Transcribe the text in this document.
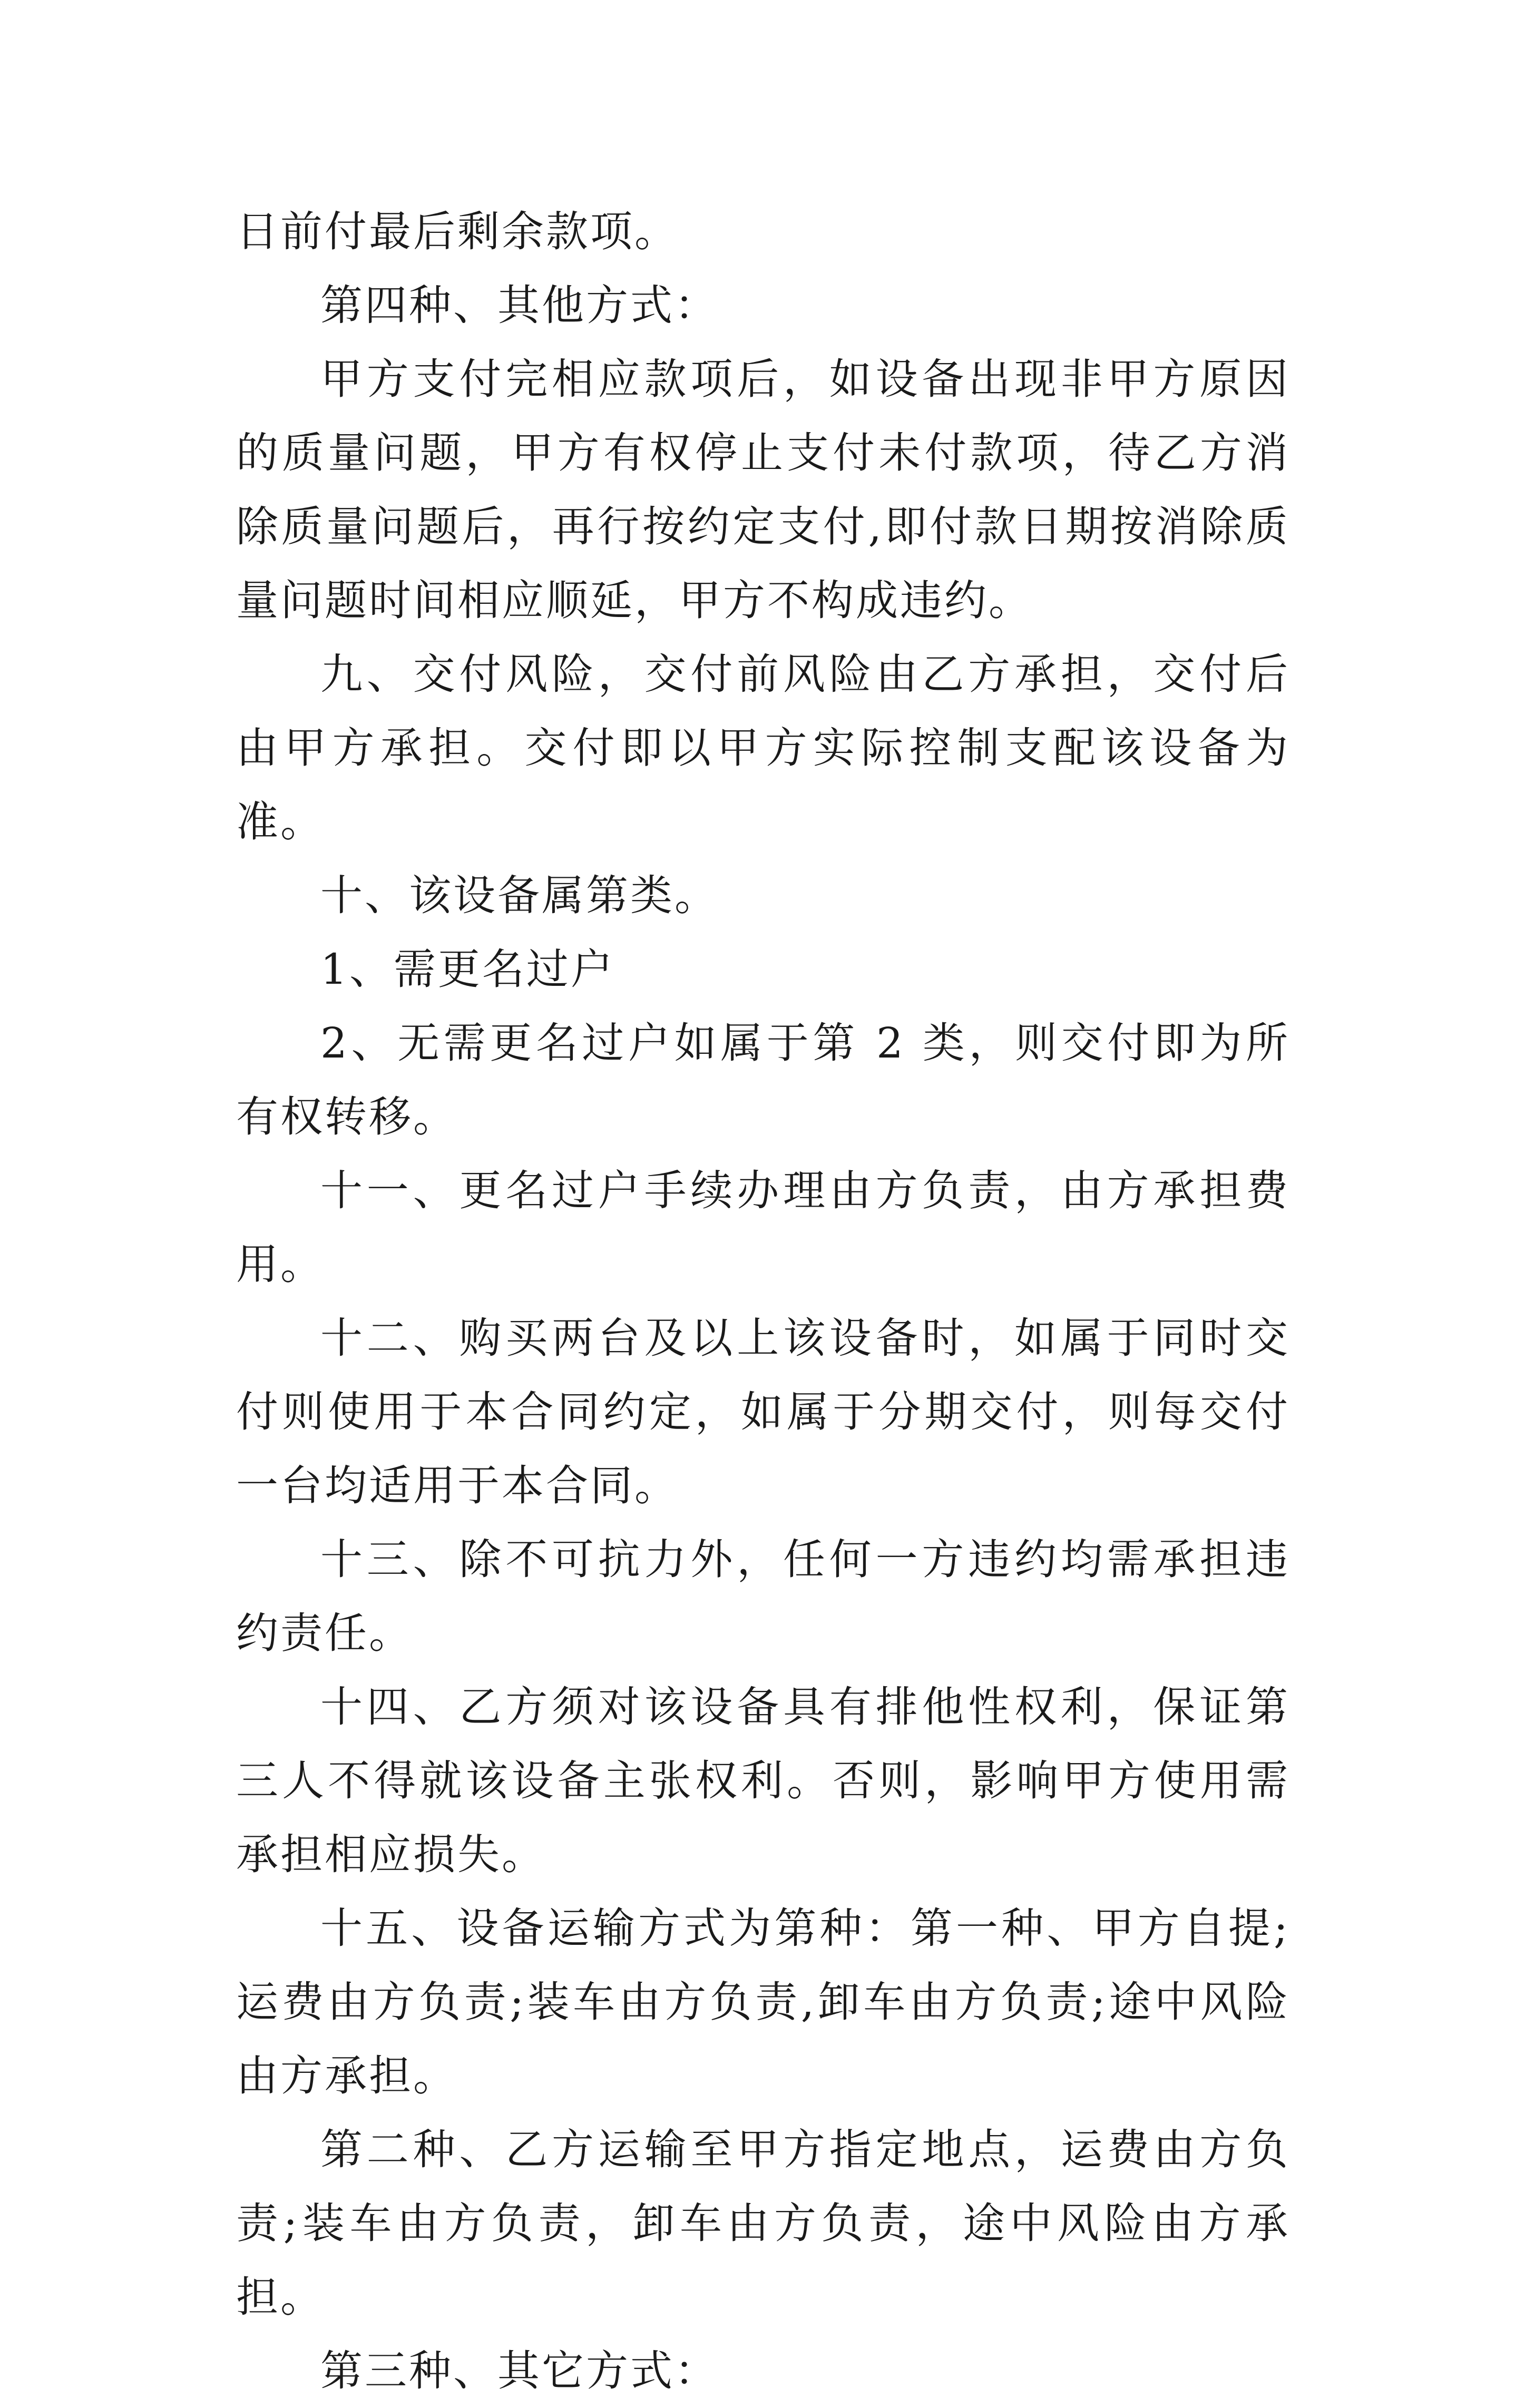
日前付最后剩余款项。

第四种、其他方式：

甲方支付完相应款项后，如设备出现非甲方原因的质量问题，甲方有权停止支付未付款项，待乙方消除质量问题后，再行按约定支付,即付款日期按消除质量问题时间相应顺延，甲方不构成违约。

九、交付风险，交付前风险由乙方承担，交付后由甲方承担。交付即以甲方实际控制支配该设备为准。

十、该设备属第类。

1、需更名过户

2、无需更名过户如属于第 2 类，则交付即为所有权转移。

十一、更名过户手续办理由方负责，由方承担费用。

十二、购买两台及以上该设备时，如属于同时交付则使用于本合同约定，如属于分期交付，则每交付一台均适用于本合同。

十三、除不可抗力外，任何一方违约均需承担违约责任。

十四、乙方须对该设备具有排他性权利，保证第三人不得就该设备主张权利。否则，影响甲方使用需承担相应损失。

十五、设备运输方式为第种：第一种、甲方自提;运费由方负责;装车由方负责,卸车由方负责;途中风险由方承担。

第二种、乙方运输至甲方指定地点，运费由方负责;装车由方负责，卸车由方负责，途中风险由方承担。

第三种、其它方式：
